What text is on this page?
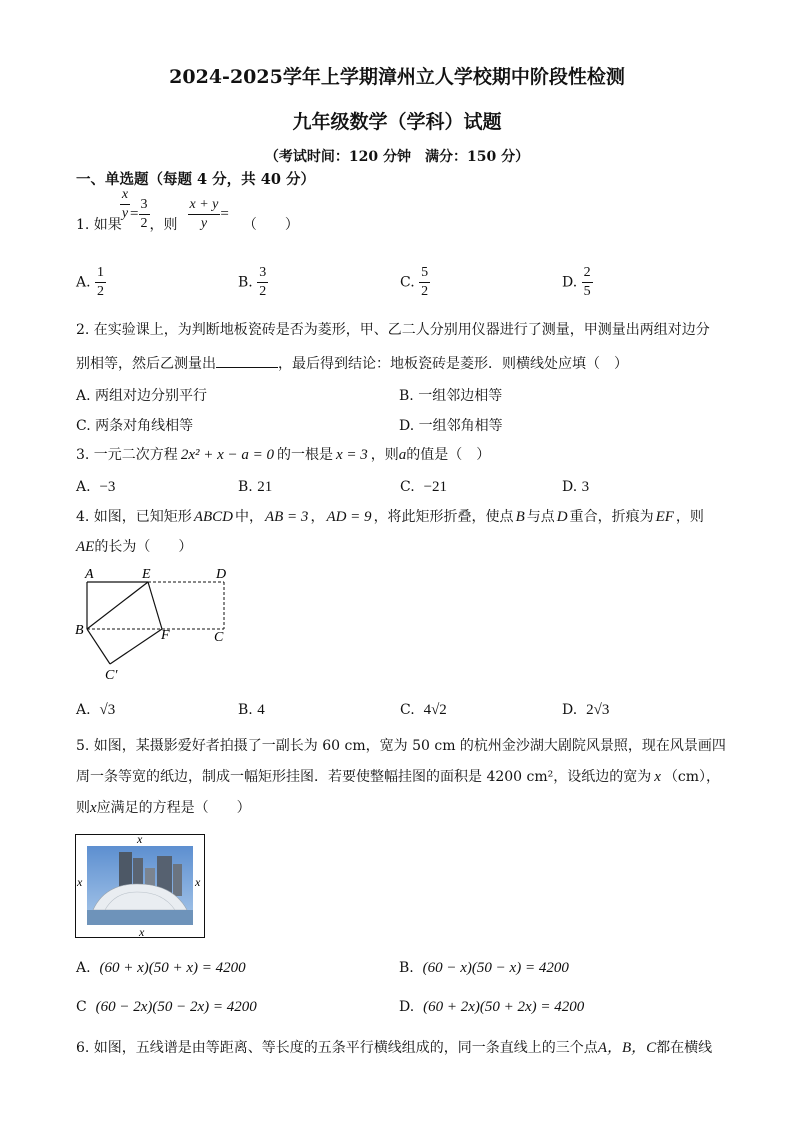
2024-2025学年上学期漳州立人学校期中阶段性检测
九年级数学（学科）试题
（考试时间：120 分钟　满分：150 分）
一、单选题（每题 4 分，共 40 分）
1. 如果
$\frac{x}{y} = \frac{3}{2}$ ，则 $\frac{x + y}{y}$ =（　　）
A. $\frac{1}{2}$	B. $\frac{3}{2}$	C. $\frac{5}{2}$	D. $\frac{2}{5}$
2. 在实验课上，为判断地板瓷砖是否为菱形，甲、乙二人分别用仪器进行了测量，甲测量出两组对边分
别相等，然后乙测量出	，最后得到结论：地板瓷砖是菱形．则横线处应填（　）
A. 两组对边分别平行	B. 一组邻边相等
C. 两条对角线相等	D. 一组邻角相等
3. 一元二次方程 2x² + x − a = 0 的一根是 x = 3 ，则a的值是（　）
A. −3	B. 21	C. −21	D. 3
4. 如图，已知矩形 ABCD 中， AB = 3 ， AD = 9 ，将此矩形折叠，使点 B 与点 D 重合，折痕为 EF ，则
AE的长为（　　）
A	E	D
B	F	C
C′
A. √3	B. 4	C. 4√2	D. 2√3
5. 如图，某摄影爱好者拍摄了一副长为 60 cm，宽为 50 cm 的杭州金沙湖大剧院风景照，现在风景画四
周一条等宽的纸边，制成一幅矩形挂图．若要使整幅挂图的面积是 4200 cm²，设纸边的宽为 x （cm），
则x应满足的方程是（　　）
x
x	x
x
A. (60 + x)(50 + x) = 4200	B. (60 − x)(50 − x) = 4200
C (60 − 2x)(50 − 2x) = 4200	D. (60 + 2x)(50 + 2x) = 4200
6. 如图，五线谱是由等距离、等长度的五条平行横线组成的，同一条直线上的三个点A，B，C都在横线
